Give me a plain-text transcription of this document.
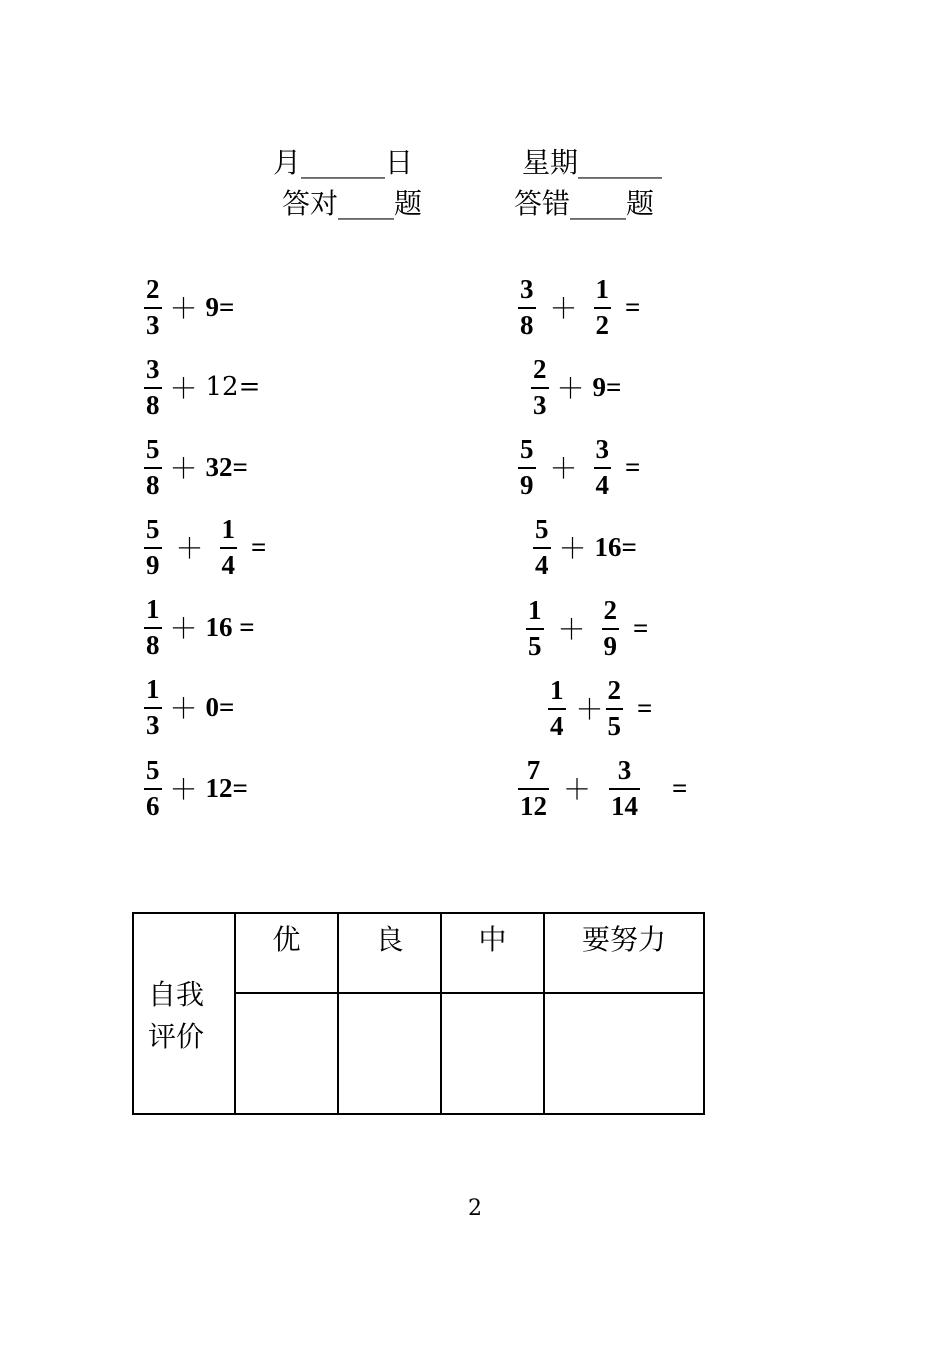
月______日	星期______
答对____题	答错____题
$\frac{2}{3} + 9$ =
$\frac{3}{8} + 12$ =
$\frac{5}{8} + 32$ =
$\frac{5}{9} + \frac{1}{4}$ =
$\frac{1}{8} + 16$ =
$\frac{1}{3} + 0$ =
$\frac{5}{6} + 12$ =
$\frac{3}{8} + \frac{1}{2}$ =
$\frac{2}{3} + 9$ =
$\frac{5}{9} + \frac{3}{4}$ =
$\frac{5}{4} + 16$ =
$\frac{1}{5} + \frac{2}{9}$ =
$\frac{1}{4} + \frac{2}{5}$ =
$\frac{7}{12} + \frac{3}{14}$ =
自我
评价	优	良	中	要努力

2
